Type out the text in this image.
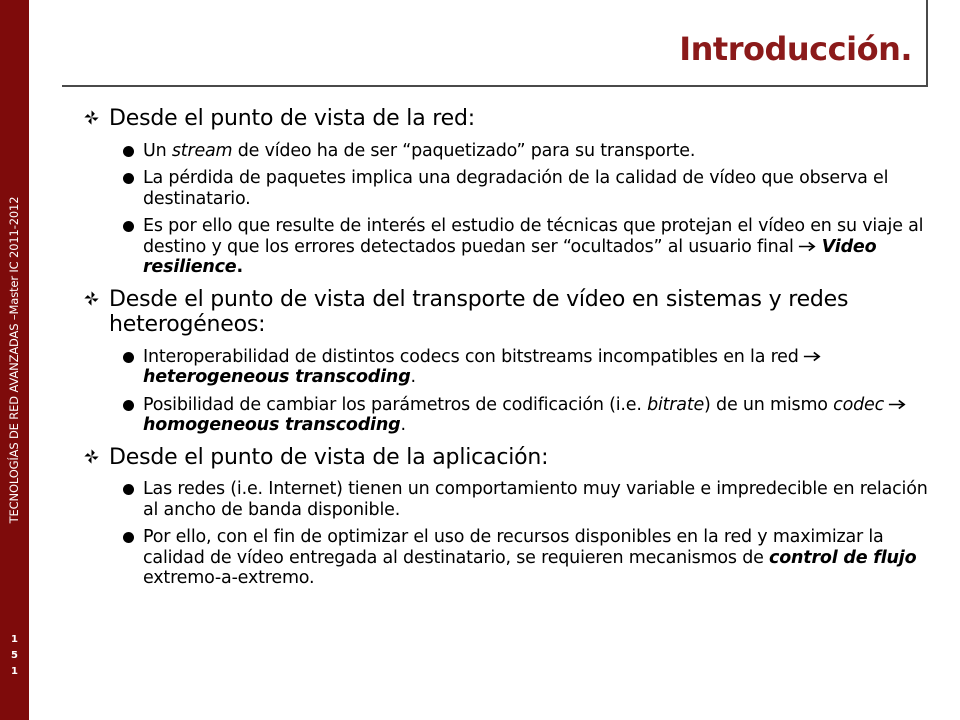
TECNOLOGÍAS DE RED AVANZADAS –Master IC 2011-2012
1
5
1
Introducción.
Desde el punto de vista de la red:
Un stream de vídeo ha de ser “paquetizado” para su transporte.
La pérdida de paquetes implica una degradación de la calidad de vídeo que observa el destinatario.
Es por ello que resulte de interés el estudio de técnicas que protejan el vídeo en su viaje al destino y que los errores detectados puedan ser “ocultados” al usuario final Video resilience.
Desde el punto de vista del transporte de vídeo en sistemas y redes heterogéneos:
Interoperabilidad de distintos codecs con bitstreams incompatibles en la redheterogeneous transcoding.
Posibilidad de cambiar los parámetros de codificación (i.e. bitrate) de un mismo codechomogeneous transcoding.
Desde el punto de vista de la aplicación:
Las redes (i.e. Internet) tienen un comportamiento muy variable e impredecible en relación al ancho de banda disponible.
Por ello, con el fin de optimizar el uso de recursos disponibles en la red y maximizar la calidad de vídeo entregada al destinatario, se requieren mecanismos de control de flujo extremo-a-extremo.
